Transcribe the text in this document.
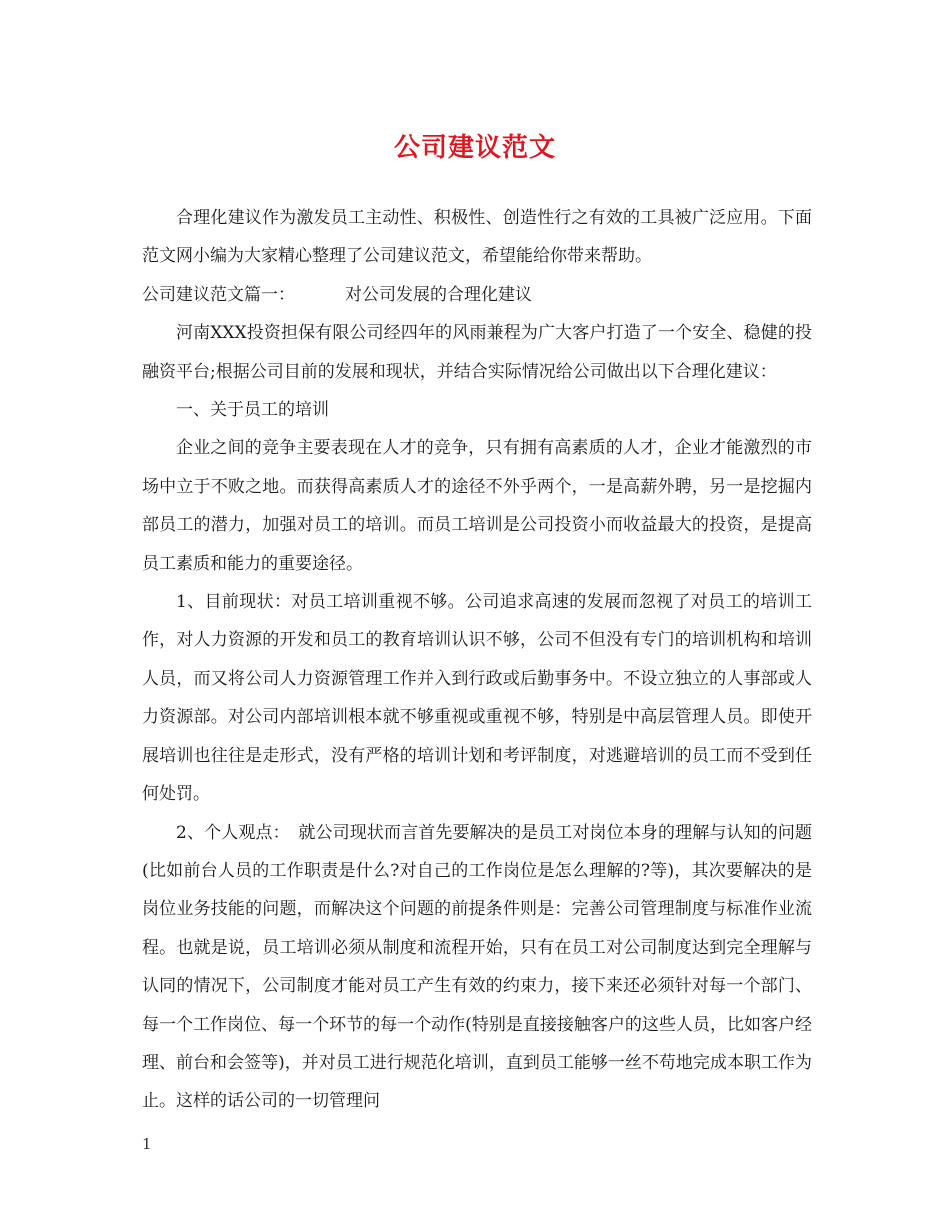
公司建议范文

合理化建议作为激发员工主动性、积极性、创造性行之有效的工具被广泛应用。下面范文网小编为大家精心整理了公司建议范文，希望能给你带来帮助。

公司建议范文篇一：	对公司发展的合理化建议

河南XXX投资担保有限公司经四年的风雨兼程为广大客户打造了一个安全、稳健的投融资平台;根据公司目前的发展和现状，并结合实际情况给公司做出以下合理化建议：

一、关于员工的培训

企业之间的竞争主要表现在人才的竞争，只有拥有高素质的人才，企业才能激烈的市场中立于不败之地。而获得高素质人才的途径不外乎两个，一是高薪外聘，另一是挖掘内部员工的潜力，加强对员工的培训。而员工培训是公司投资小而收益最大的投资，是提高员工素质和能力的重要途径。

1、目前现状：对员工培训重视不够。公司追求高速的发展而忽视了对员工的培训工作，对人力资源的开发和员工的教育培训认识不够，公司不但没有专门的培训机构和培训人员，而又将公司人力资源管理工作并入到行政或后勤事务中。不设立独立的人事部或人力资源部。对公司内部培训根本就不够重视或重视不够，特别是中高层管理人员。即使开展培训也往往是走形式，没有严格的培训计划和考评制度，对逃避培训的员工而不受到任何处罚。

2、个人观点：　就公司现状而言首先要解决的是员工对岗位本身的理解与认知的问题(比如前台人员的工作职责是什么?对自己的工作岗位是怎么理解的?等)，其次要解决的是岗位业务技能的问题，而解决这个问题的前提条件则是：完善公司管理制度与标准作业流程。也就是说，员工培训必须从制度和流程开始，只有在员工对公司制度达到完全理解与认同的情况下，公司制度才能对员工产生有效的约束力，接下来还必须针对每一个部门、每一个工作岗位、每一个环节的每一个动作(特别是直接接触客户的这些人员，比如客户经理、前台和会签等)，并对员工进行规范化培训，直到员工能够一丝不苟地完成本职工作为止。这样的话公司的一切管理问

1
